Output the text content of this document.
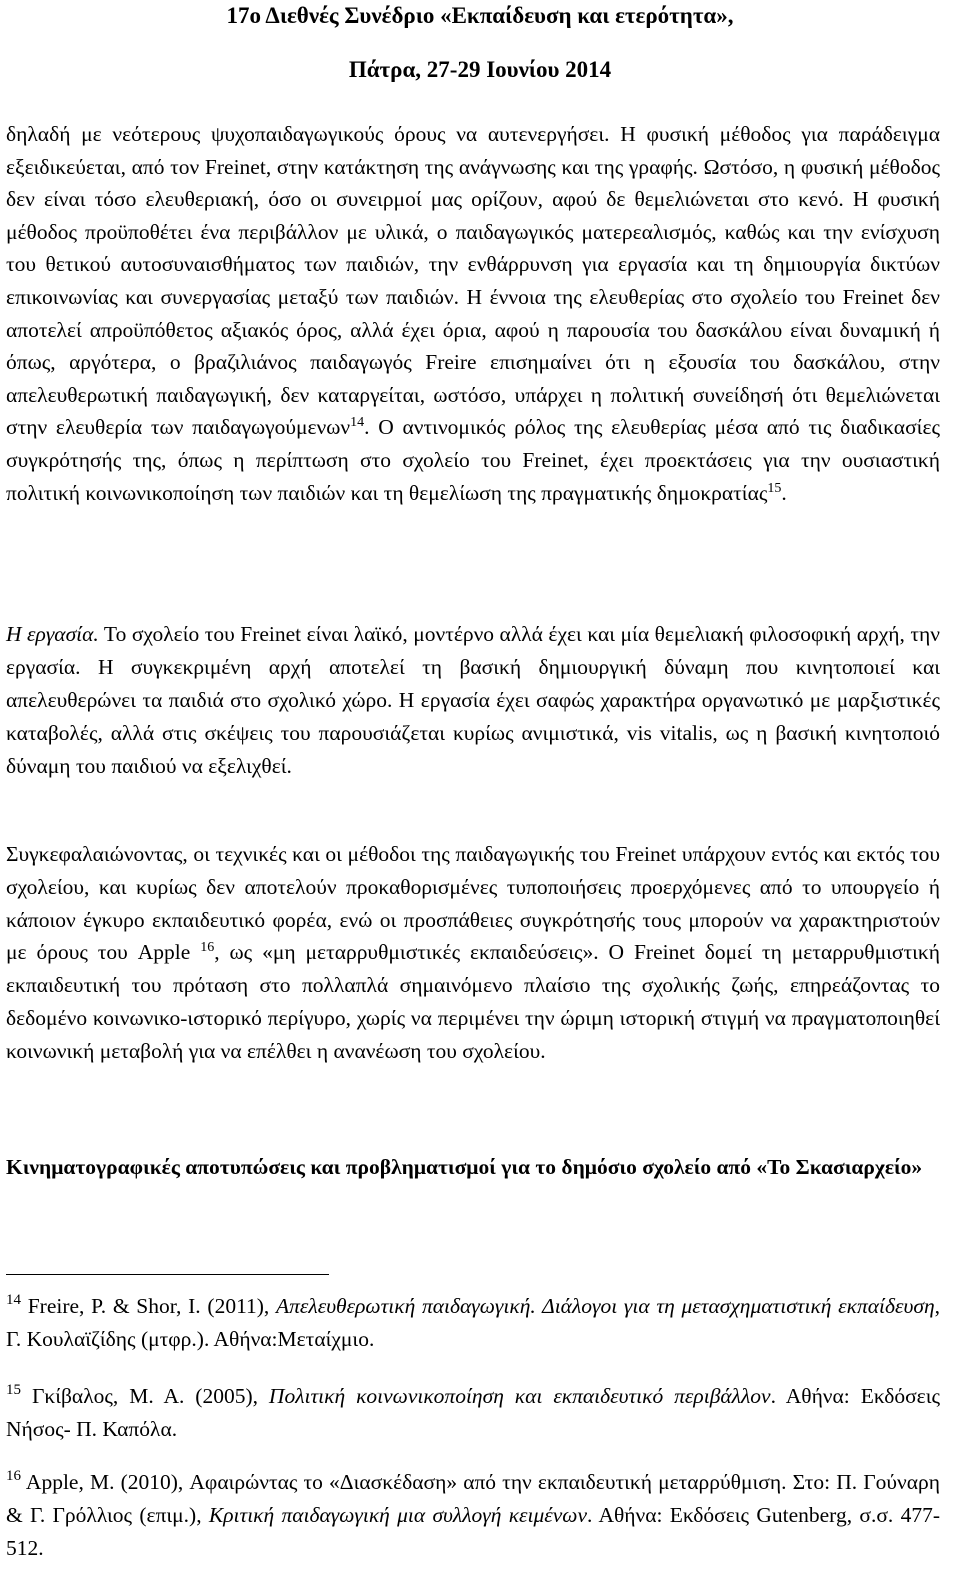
17ο Διεθνές Συνέδριο «Εκπαίδευση και ετερότητα»,
Πάτρα, 27-29 Ιουνίου 2014

δηλαδή με νεότερους ψυχοπαιδαγωγικούς όρους να αυτενεργήσει. Η φυσική μέθοδος για παράδειγμα εξειδικεύεται, από τον Freinet, στην κατάκτηση της ανάγνωσης και της γραφής. Ωστόσο, η φυσική μέθοδος δεν είναι τόσο ελευθεριακή, όσο οι συνειρμοί μας ορίζουν, αφού δε θεμελιώνεται στο κενό. Η φυσική μέθοδος προϋποθέτει ένα περιβάλλον με υλικά, ο παιδαγωγικός ματερεαλισμός, καθώς και την ενίσχυση του θετικού αυτοσυναισθήματος των παιδιών, την ενθάρρυνση για εργασία και τη δημιουργία δικτύων επικοινωνίας και συνεργασίας μεταξύ των παιδιών. Η έννοια της ελευθερίας στο σχολείο του Freinet δεν αποτελεί απροϋπόθετος αξιακός όρος, αλλά έχει όρια, αφού η παρουσία του δασκάλου είναι δυναμική ή όπως, αργότερα, ο βραζιλιάνος παιδαγωγός Freire επισημαίνει ότι η εξουσία του δασκάλου, στην απελευθερωτική παιδαγωγική, δεν καταργείται, ωστόσο, υπάρχει η πολιτική συνείδησή ότι θεμελιώνεται στην ελευθερία των παιδαγωγούμενων$^{14}$. Ο αντινομικός ρόλος της ελευθερίας μέσα από τις διαδικασίες συγκρότησής της, όπως η περίπτωση στο σχολείο του Freinet, έχει προεκτάσεις για την ουσιαστική πολιτική κοινωνικοποίηση των παιδιών και τη θεμελίωση της πραγματικής δημοκρατίας$^{15}$.

Η εργασία. Το σχολείο του Freinet είναι λαϊκό, μοντέρνο αλλά έχει και μία θεμελιακή φιλοσοφική αρχή, την εργασία. Η συγκεκριμένη αρχή αποτελεί τη βασική δημιουργική δύναμη που κινητοποιεί και απελευθερώνει τα παιδιά στο σχολικό χώρο. Η εργασία έχει σαφώς χαρακτήρα οργανωτικό με μαρξιστικές καταβολές, αλλά στις σκέψεις του παρουσιάζεται κυρίως ανιμιστικά, vis vitalis, ως η βασική κινητοποιό δύναμη του παιδιού να εξελιχθεί.

Συγκεφαλαιώνοντας, οι τεχνικές και οι μέθοδοι της παιδαγωγικής του Freinet υπάρχουν εντός και εκτός του σχολείου, και κυρίως δεν αποτελούν προκαθορισμένες τυποποιήσεις προερχόμενες από το υπουργείο ή κάποιον έγκυρο εκπαιδευτικό φορέα, ενώ οι προσπάθειες συγκρότησής τους μπορούν να χαρακτηριστούν με όρους του Apple $^{16}$, ως «μη μεταρρυθμιστικές εκπαιδεύσεις». Ο Freinet δομεί τη μεταρρυθμιστική εκπαιδευτική του πρόταση στο πολλαπλά σημαινόμενο πλαίσιο της σχολικής ζωής, επηρεάζοντας το δεδομένο κοινωνικο-ιστορικό περίγυρο, χωρίς να περιμένει την ώριμη ιστορική στιγμή να πραγματοποιηθεί κοινωνική μεταβολή για να επέλθει η ανανέωση του σχολείου.

Κινηματογραφικές αποτυπώσεις και προβληματισμοί για το δημόσιο σχολείο από «Το Σκασιαρχείο»

$^{14}$ Freire, P. & Shor, I. (2011), Απελευθερωτική παιδαγωγική. Διάλογοι για τη μετασχηματιστική εκπαίδευση, Γ. Κουλαϊζίδης (μτφρ.). Αθήνα:Μεταίχμιο.

$^{15}$ Γκίβαλος, Μ. Α. (2005), Πολιτική κοινωνικοποίηση και εκπαιδευτικό περιβάλλον. Αθήνα: Εκδόσεις Νήσος- Π. Καπόλα.

$^{16}$ Apple, M. (2010), Αφαιρώντας το «Διασκέδαση» από την εκπαιδευτική μεταρρύθμιση. Στο: Π. Γούναρη & Γ. Γρόλλιος (επιμ.), Κριτική παιδαγωγική μια συλλογή κειμένων. Αθήνα: Εκδόσεις Gutenberg, σ.σ. 477-512.
